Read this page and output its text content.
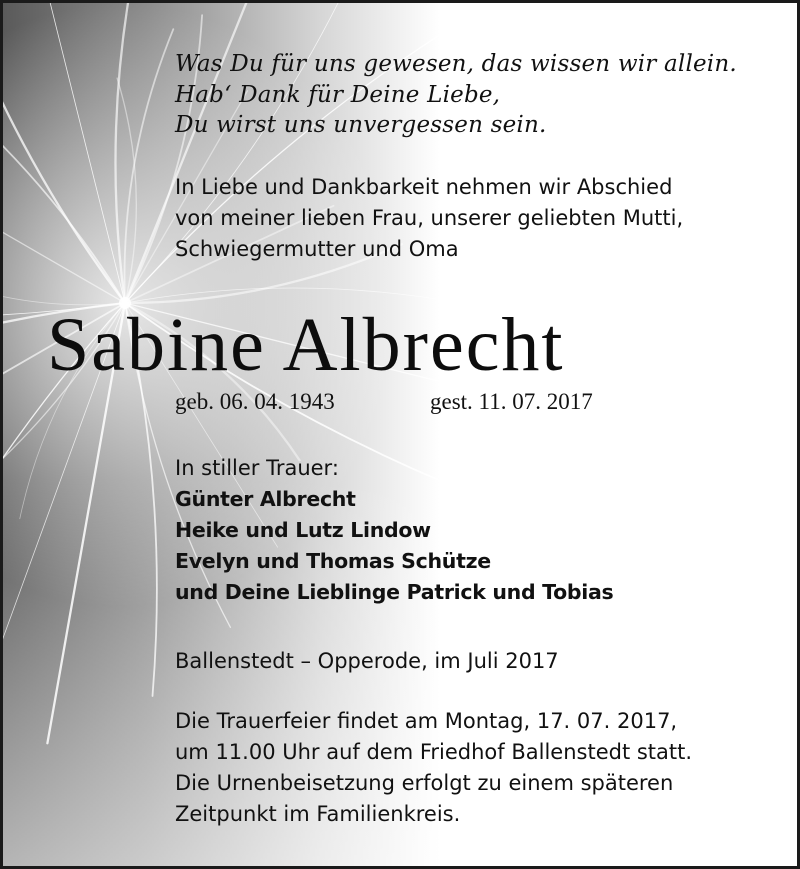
Was Du für uns gewesen, das wissen wir allein.
Hab‘ Dank für Deine Liebe,
Du wirst uns unvergessen sein.
In Liebe und Dankbarkeit nehmen wir Abschied
von meiner lieben Frau, unserer geliebten Mutti,
Schwiegermutter und Oma
Sabine Albrecht
geb. 06. 04. 1943	gest. 11. 07. 2017
In stiller Trauer:
Günter Albrecht
Heike und Lutz Lindow
Evelyn und Thomas Schütze
und Deine Lieblinge Patrick und Tobias
Ballenstedt – Opperode, im Juli 2017
Die Trauerfeier findet am Montag, 17. 07. 2017,
um 11.00 Uhr auf dem Friedhof Ballenstedt statt.
Die Urnenbeisetzung erfolgt zu einem späteren
Zeitpunkt im Familienkreis.
